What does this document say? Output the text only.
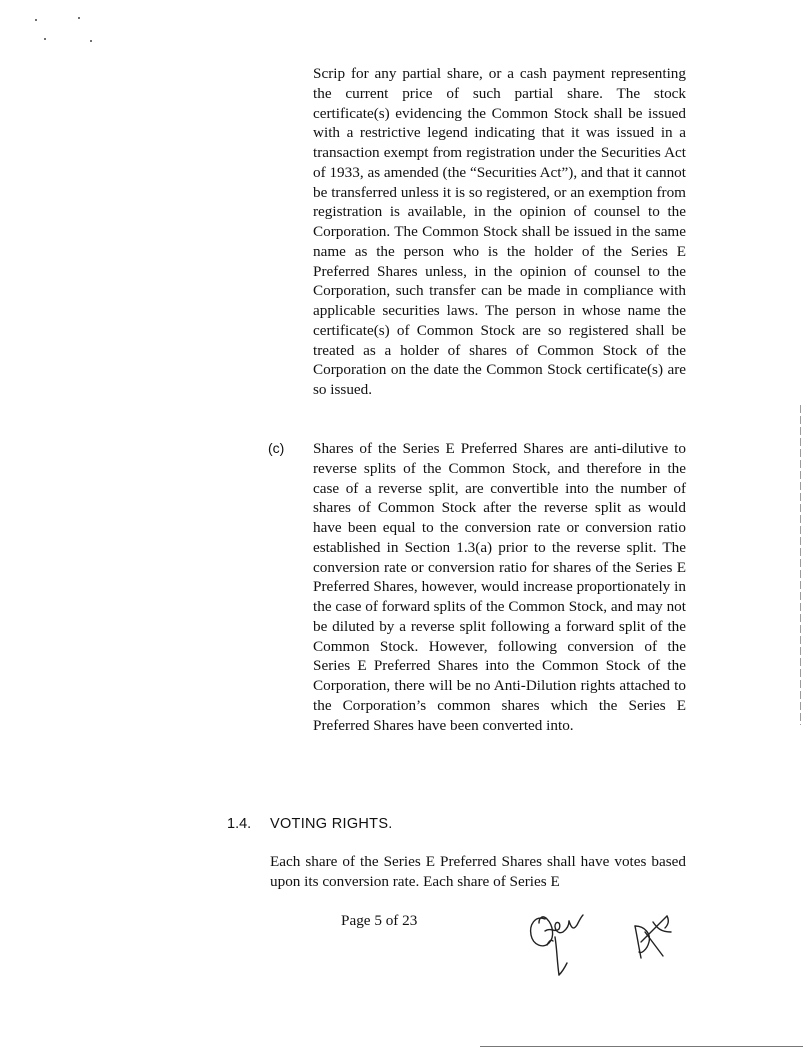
Scrip for any partial share, or a cash payment representing the current price of such partial share. The stock certificate(s) evidencing the Common Stock shall be issued with a restrictive legend indicating that it was issued in a transaction exempt from registration under the Securities Act of 1933, as amended (the “Securities Act”), and that it cannot be transferred unless it is so registered, or an exemption from registration is available, in the opinion of counsel to the Corporation. The Common Stock shall be issued in the same name as the person who is the holder of the Series E Preferred Shares unless, in the opinion of counsel to the Corporation, such transfer can be made in compliance with applicable securities laws. The person in whose name the certificate(s) of Common Stock are so registered shall be treated as a holder of shares of Common Stock of the Corporation on the date the Common Stock certificate(s) are so issued.

(c) Shares of the Series E Preferred Shares are anti-dilutive to reverse splits of the Common Stock, and therefore in the case of a reverse split, are convertible into the number of shares of Common Stock after the reverse split as would have been equal to the conversion rate or conversion ratio established in Section 1.3(a) prior to the reverse split. The conversion rate or conversion ratio for shares of the Series E Preferred Shares, however, would increase proportionately in the case of forward splits of the Common Stock, and may not be diluted by a reverse split following a forward split of the Common Stock. However, following conversion of the Series E Preferred Shares into the Common Stock of the Corporation, there will be no Anti-Dilution rights attached to the Corporation’s common shares which the Series E Preferred Shares have been converted into.

1.4. VOTING RIGHTS.

Each share of the Series E Preferred Shares shall have votes based upon its conversion rate. Each share of Series E

Page 5 of 23
